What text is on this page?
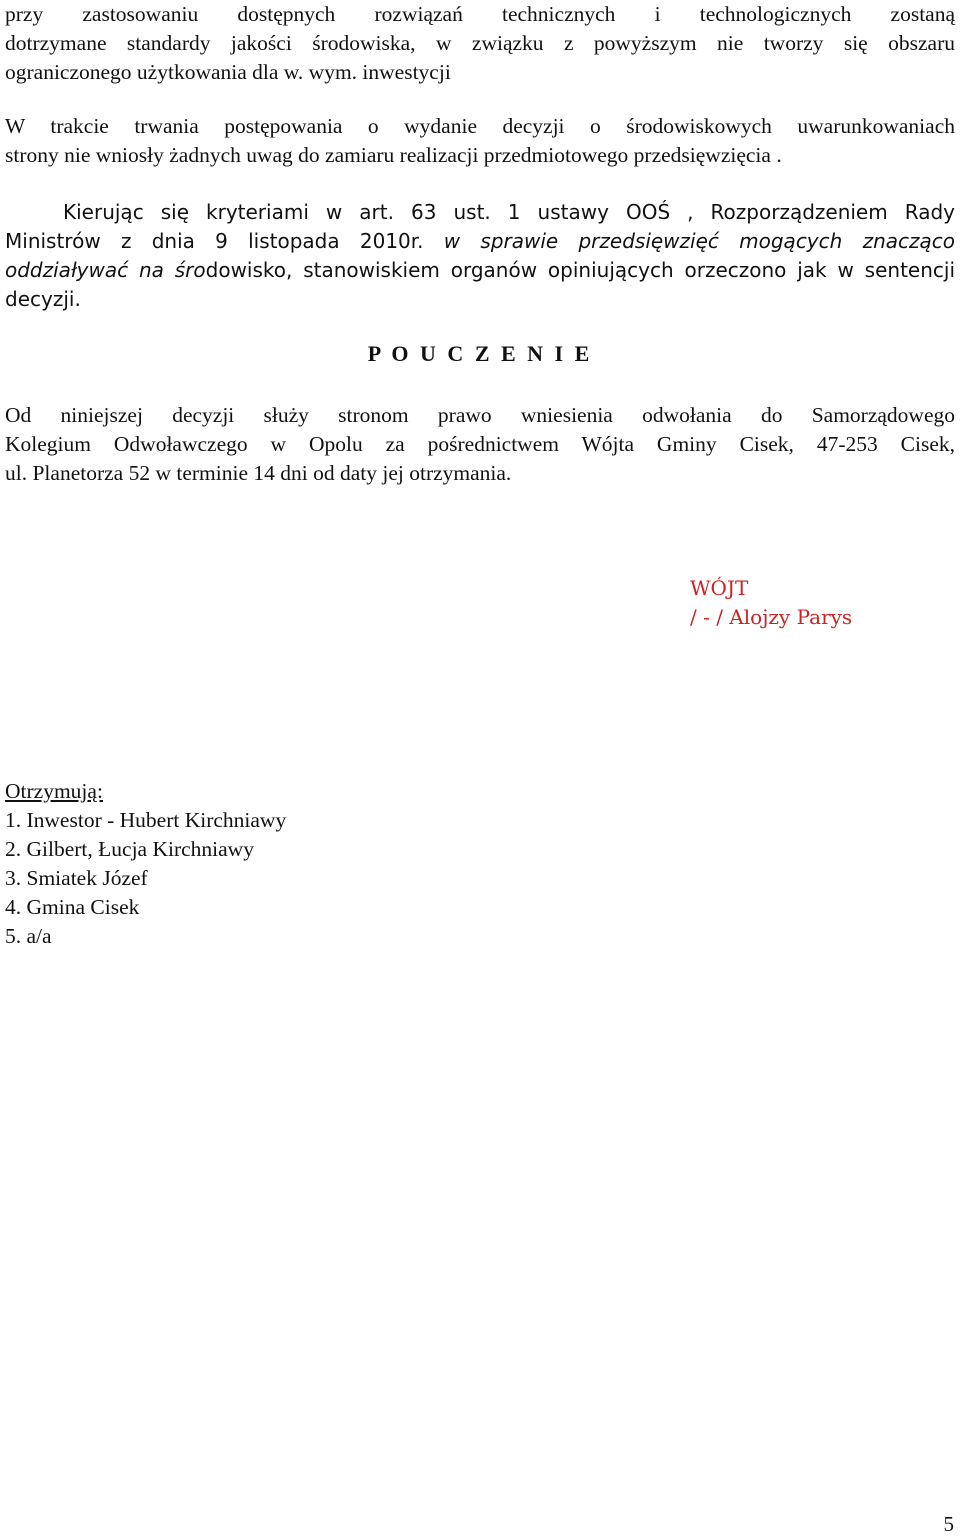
przy zastosowaniu dostępnych rozwiązań technicznych i technologicznych zostaną
dotrzymane standardy jakości środowiska, w związku z powyższym nie tworzy się obszaru
ograniczonego użytkowania dla w. wym. inwestycji

W trakcie trwania postępowania o wydanie decyzji o środowiskowych uwarunkowaniach
strony nie wniosły żadnych uwag do zamiaru realizacji przedmiotowego przedsięwzięcia .

Kierując się kryteriami w art. 63 ust. 1 ustawy OOŚ , Rozporządzeniem Rady
Ministrów z dnia 9 listopada 2010r. w sprawie przedsięwzięć mogących znacząco
oddziaływać na środowisko, stanowiskiem organów opiniujących orzeczono jak w sentencji
decyzji.

P O U C Z E N I E

Od niniejszej decyzji służy stronom prawo wniesienia odwołania do Samorządowego
Kolegium Odwoławczego w Opolu za pośrednictwem Wójta Gminy Cisek, 47-253 Cisek,
ul. Planetorza 52 w terminie 14 dni od daty jej otrzymania.

WÓJT
/ - / Alojzy Parys
Otrzymują:
1. Inwestor - Hubert Kirchniawy
2. Gilbert, Łucja Kirchniawy
3. Smiatek Józef
4. Gmina Cisek
5. a/a
5
